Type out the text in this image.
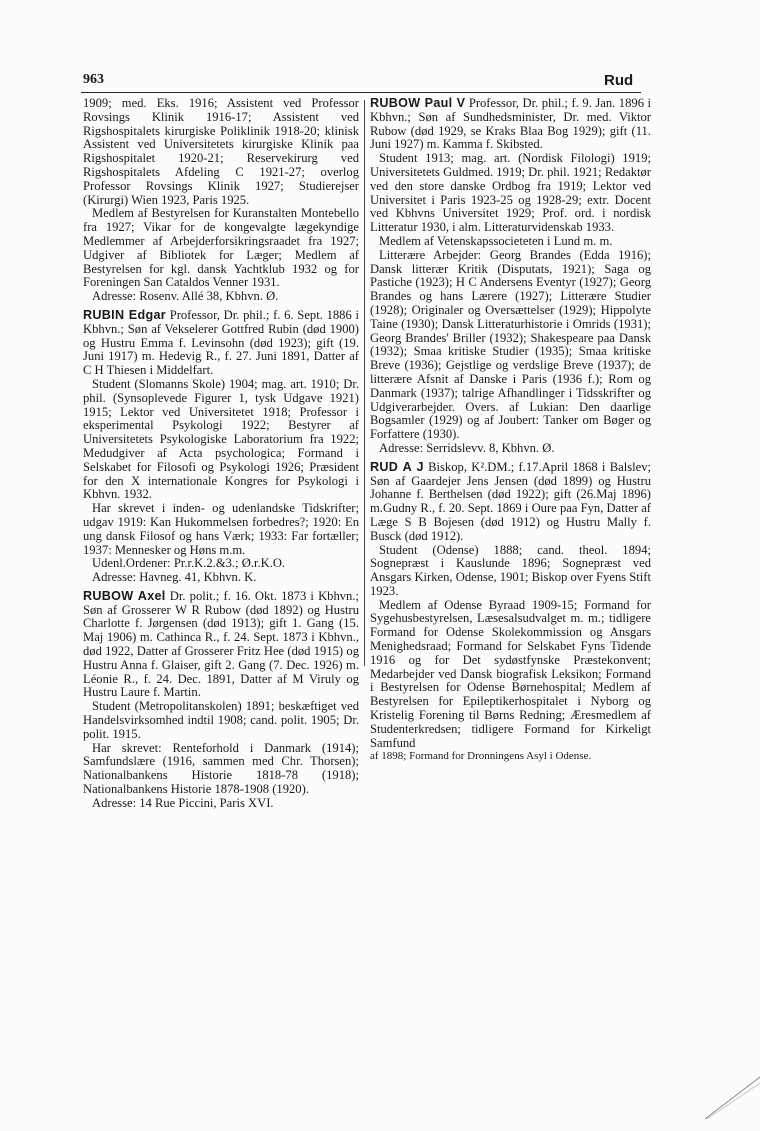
963	Rud

1909; med. Eks. 1916; Assistent ved Professor Rovsings Klinik 1916-17; Assistent ved Rigshospitalets kirurgiske Poliklinik 1918-20; klinisk Assistent ved Universitetets kirurgiske Klinik paa Rigshospitalet 1920-21; Reservekirurg ved Rigshospitalets Afdeling C 1921-27; overlog Professor Rovsings Klinik 1927; Studierejser (Kirurgi) Wien 1923, Paris 1925.

Medlem af Bestyrelsen for Kuranstalten Montebello fra 1927; Vikar for de kongevalgte lægekyndige Medlemmer af Arbejderforsikringsraadet fra 1927; Udgiver af Bibliotek for Læger; Medlem af Bestyrelsen for kgl. dansk Yachtklub 1932 og for Foreningen San Cataldos Venner 1931.

Adresse: Rosenv. Allé 38, Kbhvn. Ø.

RUBIN Edgar Professor, Dr. phil.; f. 6. Sept. 1886 i Kbhvn.; Søn af Vekselerer Gottfred Rubin (død 1900) og Hustru Emma f. Levinsohn (død 1923); gift (19. Juni 1917) m. Hedevig R., f. 27. Juni 1891, Datter af C H Thiesen i Middelfart.

Student (Slomanns Skole) 1904; mag. art. 1910; Dr. phil. (Synsoplevede Figurer 1, tysk Udgave 1921) 1915; Lektor ved Universitetet 1918; Professor i eksperimental Psykologi 1922; Bestyrer af Universitetets Psykologiske Laboratorium fra 1922; Medudgiver af Acta psychologica; Formand i Selskabet for Filosofi og Psykologi 1926; Præsident for den X internationale Kongres for Psykologi i Kbhvn. 1932.

Har skrevet i inden- og udenlandske Tidskrifter; udgav 1919: Kan Hukommelsen forbedres?; 1920: En ung dansk Filosof og hans Værk; 1933: Far fortæller; 1937: Mennesker og Høns m.m.

Udenl.Ordener: Pr.r.K.2.&3.; Ø.r.K.O.

Adresse: Havneg. 41, Kbhvn. K.

RUBOW Axel Dr. polit.; f. 16. Okt. 1873 i Kbhvn.; Søn af Grosserer W R Rubow (død 1892) og Hustru Charlotte f. Jørgensen (død 1913); gift 1. Gang (15. Maj 1906) m. Cathinca R., f. 24. Sept. 1873 i Kbhvn., død 1922, Datter af Grosserer Fritz Hee (død 1915) og Hustru Anna f. Glaiser, gift 2. Gang (7. Dec. 1926) m. Léonie R., f. 24. Dec. 1891, Datter af M Viruly og Hustru Laure f. Martin.

Student (Metropolitanskolen) 1891; beskæftiget ved Handelsvirksomhed indtil 1908; cand. polit. 1905; Dr. polit. 1915.

Har skrevet: Renteforhold i Danmark (1914); Samfundslære (1916, sammen med Chr. Thorsen); Nationalbankens Historie 1818-78 (1918); Nationalbankens Historie 1878-1908 (1920).

Adresse: 14 Rue Piccini, Paris XVI.

RUBOW Paul V Professor, Dr. phil.; f. 9. Jan. 1896 i Kbhvn.; Søn af Sundhedsminister, Dr. med. Viktor Rubow (død 1929, se Kraks Blaa Bog 1929); gift (11. Juni 1927) m. Kamma f. Skibsted.

Student 1913; mag. art. (Nordisk Filologi) 1919; Universitetets Guldmed. 1919; Dr. phil. 1921; Redaktør ved den store danske Ordbog fra 1919; Lektor ved Universitet i Paris 1923-25 og 1928-29; extr. Docent ved Kbhvns Universitet 1929; Prof. ord. i nordisk Litteratur 1930, i alm. Litteraturvidenskab 1933.

Medlem af Vetenskapssocieteten i Lund m. m.

Litterære Arbejder: Georg Brandes (Edda 1916); Dansk litterær Kritik (Disputats, 1921); Saga og Pastiche (1923); H C Andersens Eventyr (1927); Georg Brandes og hans Lærere (1927); Litterære Studier (1928); Originaler og Oversættelser (1929); Hippolyte Taine (1930); Dansk Litteraturhistorie i Omrids (1931); Georg Brandes' Briller (1932); Shakespeare paa Dansk (1932); Smaa kritiske Studier (1935); Smaa kritiske Breve (1936); Gejstlige og verdslige Breve (1937); de litterære Afsnit af Danske i Paris (1936 f.); Rom og Danmark (1937); talrige Afhandlinger i Tidsskrifter og Udgiverarbejder. Overs. af Lukian: Den daarlige Bogsamler (1929) og af Joubert: Tanker om Bøger og Forfattere (1930).

Adresse: Serridslevv. 8, Kbhvn. Ø.

RUD A J Biskop, K².DM.; f.17.April 1868 i Balslev; Søn af Gaardejer Jens Jensen (død 1899) og Hustru Johanne f. Berthelsen (død 1922); gift (26.Maj 1896) m.Gudny R., f. 20. Sept. 1869 i Oure paa Fyn, Datter af Læge S B Bojesen (død 1912) og Hustru Mally f. Busck (død 1912).

Student (Odense) 1888; cand. theol. 1894; Sognepræst i Kauslunde 1896; Sognepræst ved Ansgars Kirken, Odense, 1901; Biskop over Fyens Stift 1923.

Medlem af Odense Byraad 1909-15; Formand for Sygehusbestyrelsen, Læsesalsudvalget m. m.; tidligere Formand for Odense Skolekommission og Ansgars Menighedsraad; Formand for Selskabet Fyns Tidende 1916 og for Det sydøstfynske Præstekonvent; Medarbejder ved Dansk biografisk Leksikon; Formand i Bestyrelsen for Odense Børnehospital; Medlem af Bestyrelsen for Epileptikerhospitalet i Nyborg og Kristelig Forening til Børns Redning; Æresmedlem af Studenterkredsen; tidligere Formand for Kirkeligt Samfund

af 1898; Formand for Dronningens Asyl i Odense.
